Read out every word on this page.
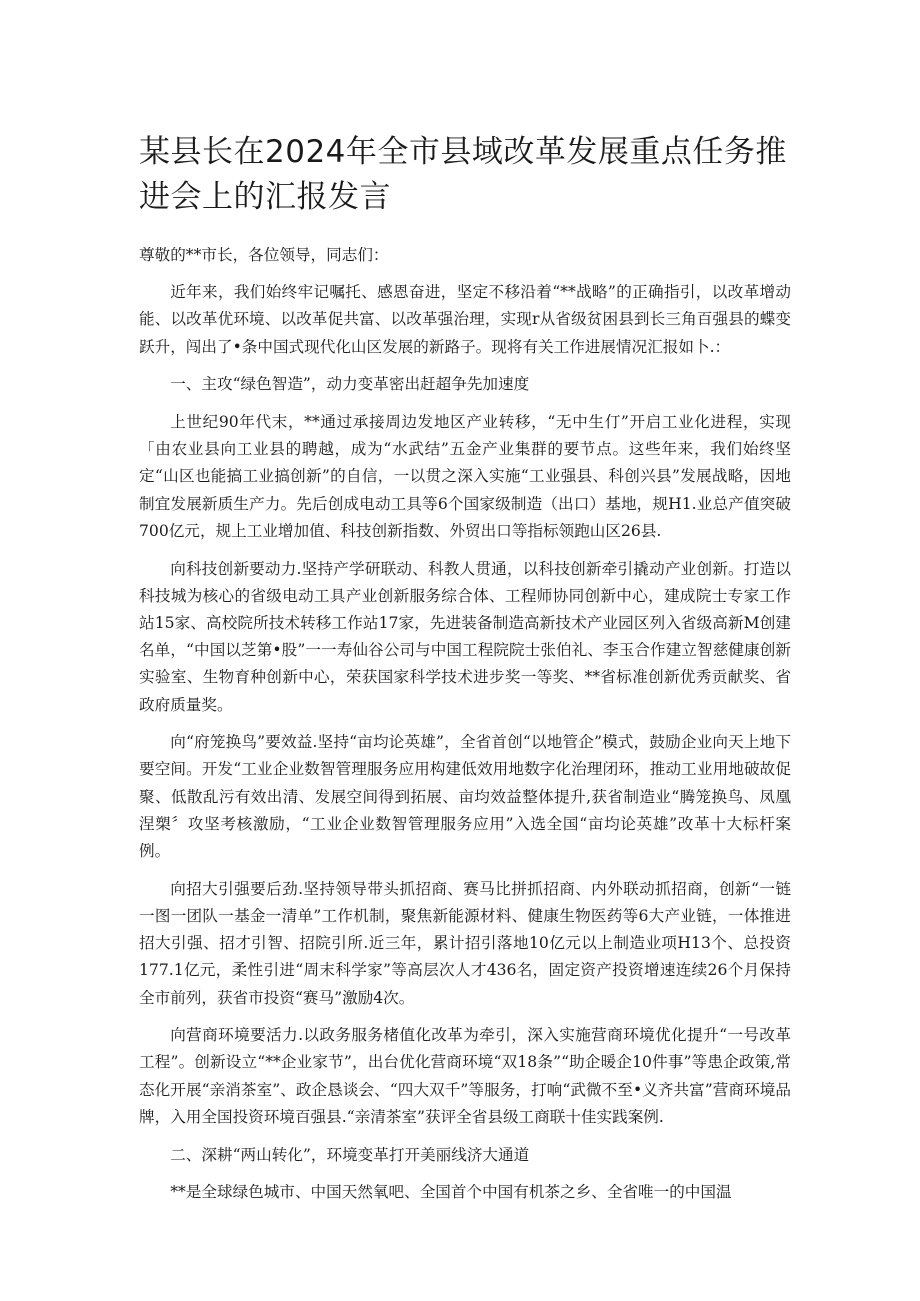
某县长在2024年全市县域改革发展重点任务推进会上的汇报发言

尊敬的**市长，各位领导，同志们：

近年来，我们始终牢记嘱托、感恩奋进，坚定不移沿着“**战略”的正确指引，以改革增动能、以改革优环境、以改革促共富、以改革强治理，实现r从省级贫困县到长三角百强县的蝶变跃升，闯出了•条中国式现代化山区发展的新路子。现将有关工作进展情况汇报如卜.：

一、主攻“绿色智造”，动力变革密出赶超争先加速度

上世纪90年代末，**通过承接周边发地区产业转移，“无中生仃”开启工业化进程，实现「由农业县向工业县的聘越，成为“水武结”五金产业集群的要节点。这些年来，我们始终坚定“山区也能搞工业搞创新”的自信，一以贯之深入实施“工业强县、科创兴县”发展战略，因地制宜发展新质生产力。先后创成电动工具等6个国家级制造（出口）基地，规H1.业总产值突破700亿元，规上工业增加值、科技创新指数、外贸出口等指标领跑山区26县.

向科技创新要动力.坚持产学研联动、科教人贯通，以科技创新牵引撬动产业创新。打造以科技城为核心的省级电动工具产业创新服务综合体、工程师协同创新中心，建成院士专家工作站15家、高校院所技术转移工作站17家，先进装备制造高新技术产业园区列入省级高新M创建名单，“中国以芝第•股”一一寿仙谷公司与中国工程院院士张伯礼、李玉合作建立智慈健康创新实验室、生物育种创新中心，荣获国家科学技术进步奖一等奖、**省标准创新优秀贡献奖、省政府质量奖。

向“府笼换鸟”要效益.坚持“亩均论英雄”，全省首创“以地管企”模式，鼓励企业向天上地下要空间。开发“工业企业数智管理服务应用构建低效用地数字化治理闭环，推动工业用地破故促聚、低散乱污有效出清、发展空间得到拓展、亩均效益整体提升,获省制造业“腾笼换鸟、凤凰涅槊〞攻坚考核激励，“工业企业数智管理服务应用”入选全国“亩均论英雄”改革十大标杆案例。

向招大引强要后劲.坚持领导带头抓招商、赛马比拼抓招商、内外联动抓招商，创新“一链一图一团队一基金一清单”工作机制，聚焦新能源材料、健康生物医药等6大产业链，一体推进招大引强、招才引智、招院引所.近三年，累计招引落地10亿元以上制造业项H13个、总投资177.1亿元，柔性引进“周末科学家”等高层次人才436名，固定资产投资增速连续26个月保持全市前列，获省市投资“赛马”激励4次。

向营商环境要活力.以政务服务楮值化改革为牵引，深入实施营商环境优化提升“一号改革工程”。创新设立“**企业家节”，出台优化营商环境“双18条”“助企暖企10件事”等患企政策,常态化开展“亲消茶室”、政企恳谈会、“四大双千”等服务，打响“武微不至•义齐共富”营商环境品牌，入用全国投资环境百强县.“亲清茶室”获评全省县级工商联十佳实践案例.

二、深耕“两山转化”，环境变革打开美丽线济大通道

**是全球绿色城市、中国天然氧吧、全国首个中国有机茶之乡、全省唯一的中国温
